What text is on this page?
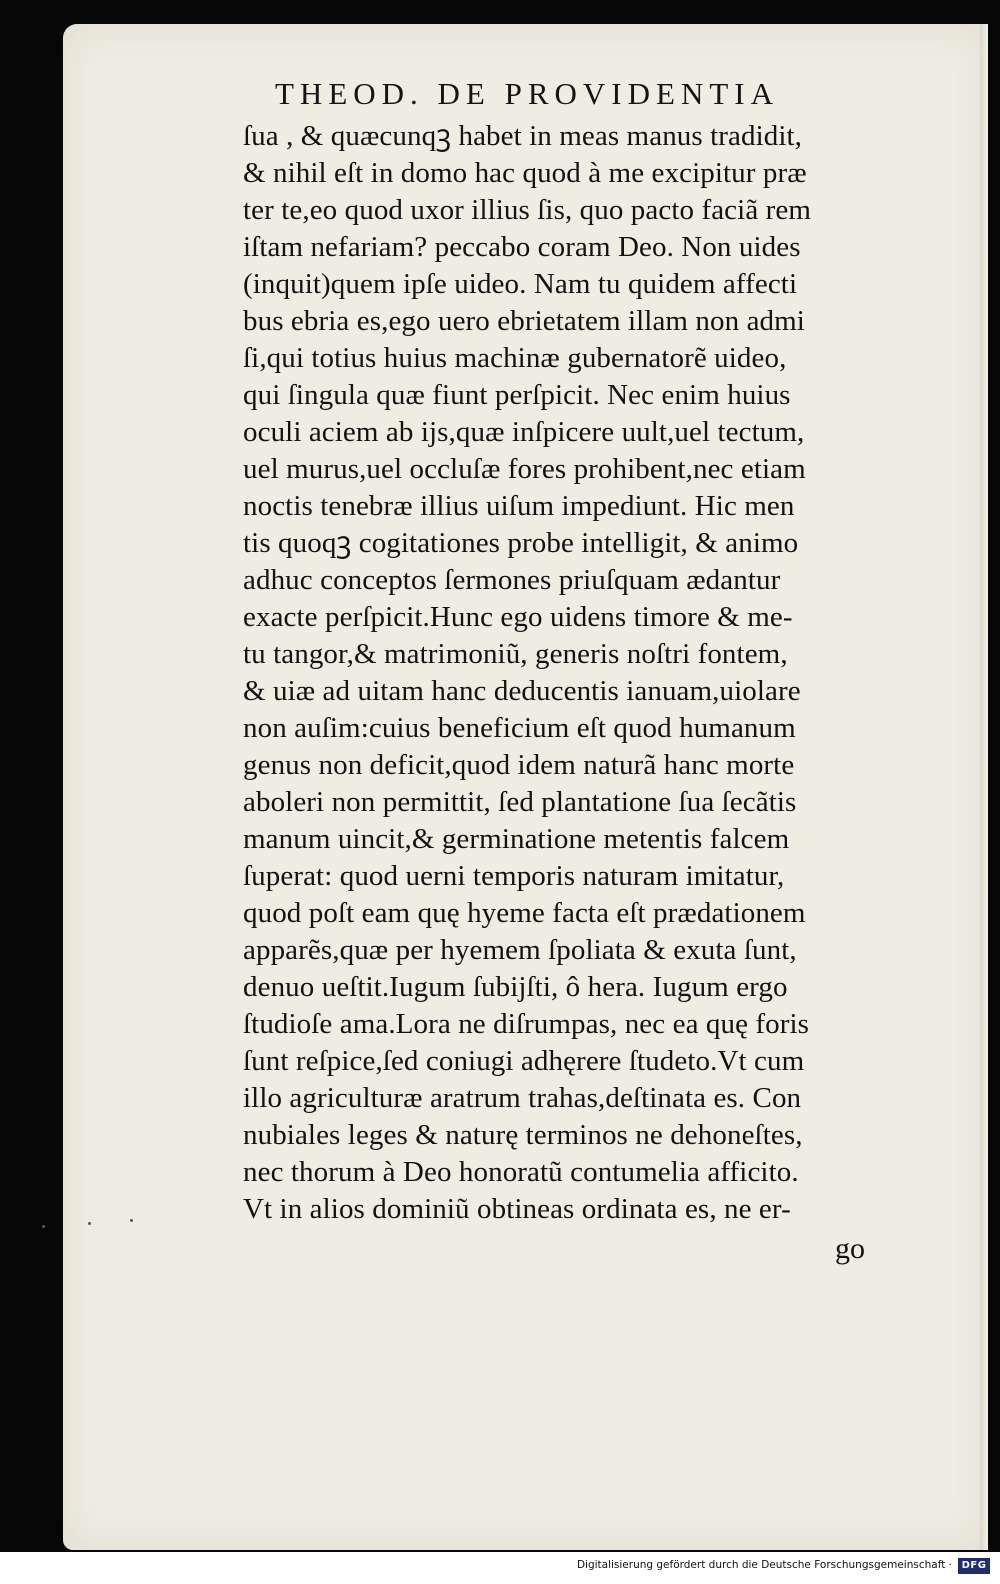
THEOD. DE PROVIDENTIA
ſua , & quæcunqꝫ habet in meas manus tradidit,
& nihil eſt in domo hac quod à me excipitur præ
ter te,eo quod uxor illius ſis, quo pacto faciã rem
iſtam nefariam? peccabo coram Deo. Non uides
(inquit)quem ipſe uideo. Nam tu quidem affecti
bus ebria es,ego uero ebrietatem illam non admi
ſi,qui totius huius machinæ gubernatorẽ uideo,
qui ſingula quæ fiunt perſpicit. Nec enim huius
oculi aciem ab ijs,quæ inſpicere uult,uel tectum,
uel murus,uel occluſæ fores prohibent,nec etiam
noctis tenebræ illius uiſum impediunt. Hic men
tis quoqꝫ cogitationes probe intelligit, & animo
adhuc conceptos ſermones priuſquam ædantur
exacte perſpicit.Hunc ego uidens timore & me-
tu tangor,& matrimoniũ, generis noſtri fontem,
& uiæ ad uitam hanc deducentis ianuam,uiolare
non auſim:cuius beneficium eſt quod humanum
genus non deficit,quod idem naturã hanc morte
aboleri non permittit, ſed plantatione ſua ſecãtis
manum uincit,& germinatione metentis falcem
ſuperat: quod uerni temporis naturam imitatur,
quod poſt eam quę hyeme facta eſt prædationem
apparẽs,quæ per hyemem ſpoliata & exuta ſunt,
denuo ueſtit.Iugum ſubijſti, ô hera. Iugum ergo
ſtudioſe ama.Lora ne diſrumpas, nec ea quę foris
ſunt reſpice,ſed coniugi adhęrere ſtudeto.Vt cum
illo agriculturæ aratrum trahas,deſtinata es. Con
nubiales leges & naturę terminos ne dehoneſtes,
nec thorum à Deo honoratũ contumelia afficito.
Vt in alios dominiũ obtineas ordinata es, ne er-
go
Digitalisierung gefördert durch die Deutsche Forschungsgemeinschaft · DFG
